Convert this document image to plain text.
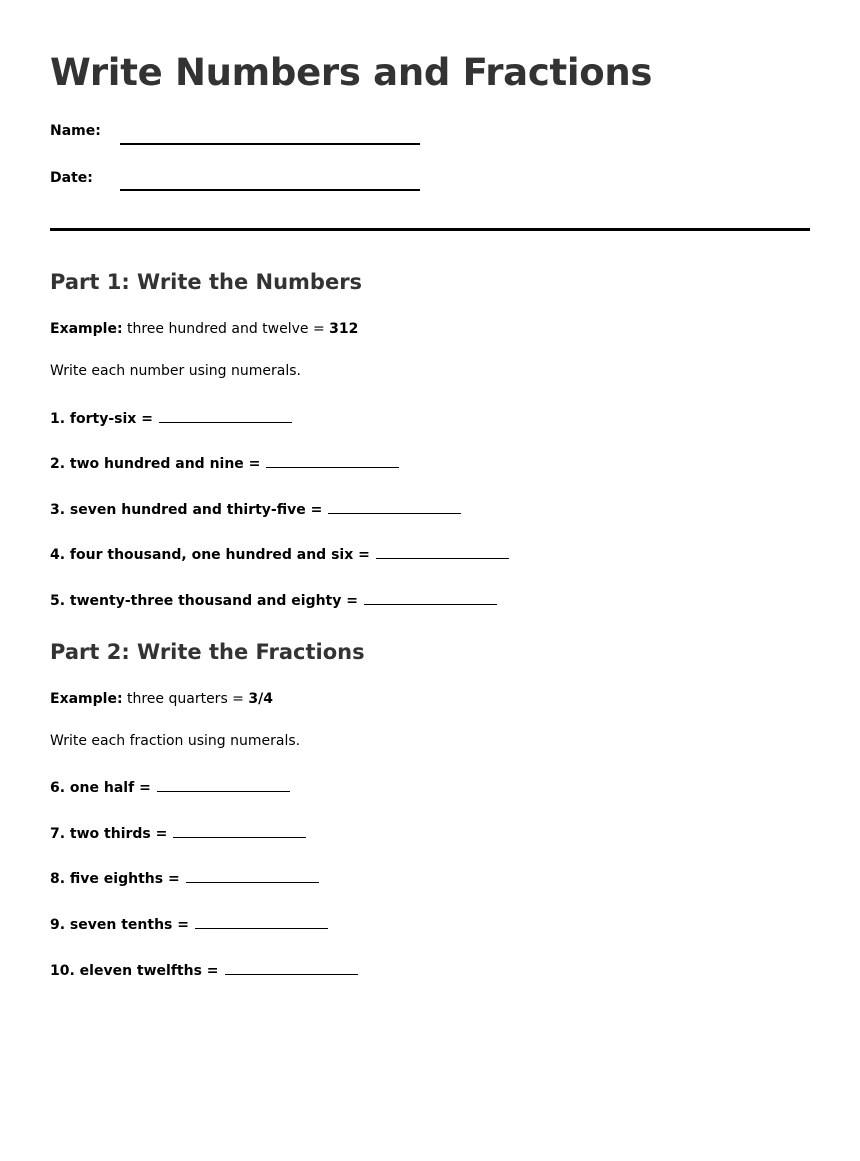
Write Numbers and Fractions
Name:
Date:
Part 1: Write the Numbers
Example: three hundred and twelve = 312
Write each number using numerals.
1. forty-six =
2. two hundred and nine =
3. seven hundred and thirty-five =
4. four thousand, one hundred and six =
5. twenty-three thousand and eighty =
Part 2: Write the Fractions
Example: three quarters = 3/4
Write each fraction using numerals.
6. one half =
7. two thirds =
8. five eighths =
9. seven tenths =
10. eleven twelfths =
